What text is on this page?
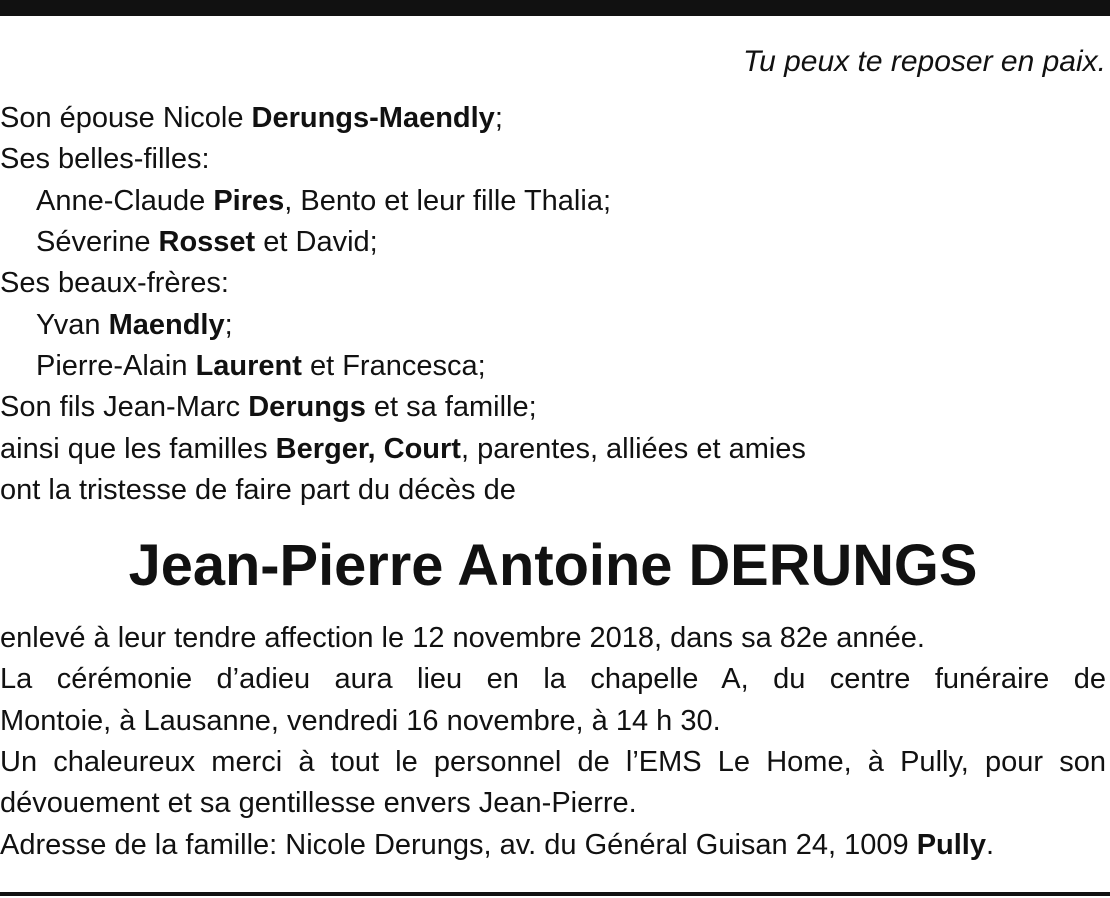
Tu peux te reposer en paix.
Son épouse Nicole Derungs-Maendly;
Ses belles-filles:
Anne-Claude Pires, Bento et leur fille Thalia;
Séverine Rosset et David;
Ses beaux-frères:
Yvan Maendly;
Pierre-Alain Laurent et Francesca;
Son fils Jean-Marc Derungs et sa famille;
ainsi que les familles Berger, Court, parentes, alliées et amies
ont la tristesse de faire part du décès de
Jean-Pierre Antoine DERUNGS
enlevé à leur tendre affection le 12 novembre 2018, dans sa 82e année.
La cérémonie d’adieu aura lieu en la chapelle A, du centre funéraire de
Montoie, à Lausanne, vendredi 16 novembre, à 14 h 30.
Un chaleureux merci à tout le personnel de l’EMS Le Home, à Pully, pour son
dévouement et sa gentillesse envers Jean-Pierre.
Adresse de la famille: Nicole Derungs, av. du Général Guisan 24, 1009 Pully.
